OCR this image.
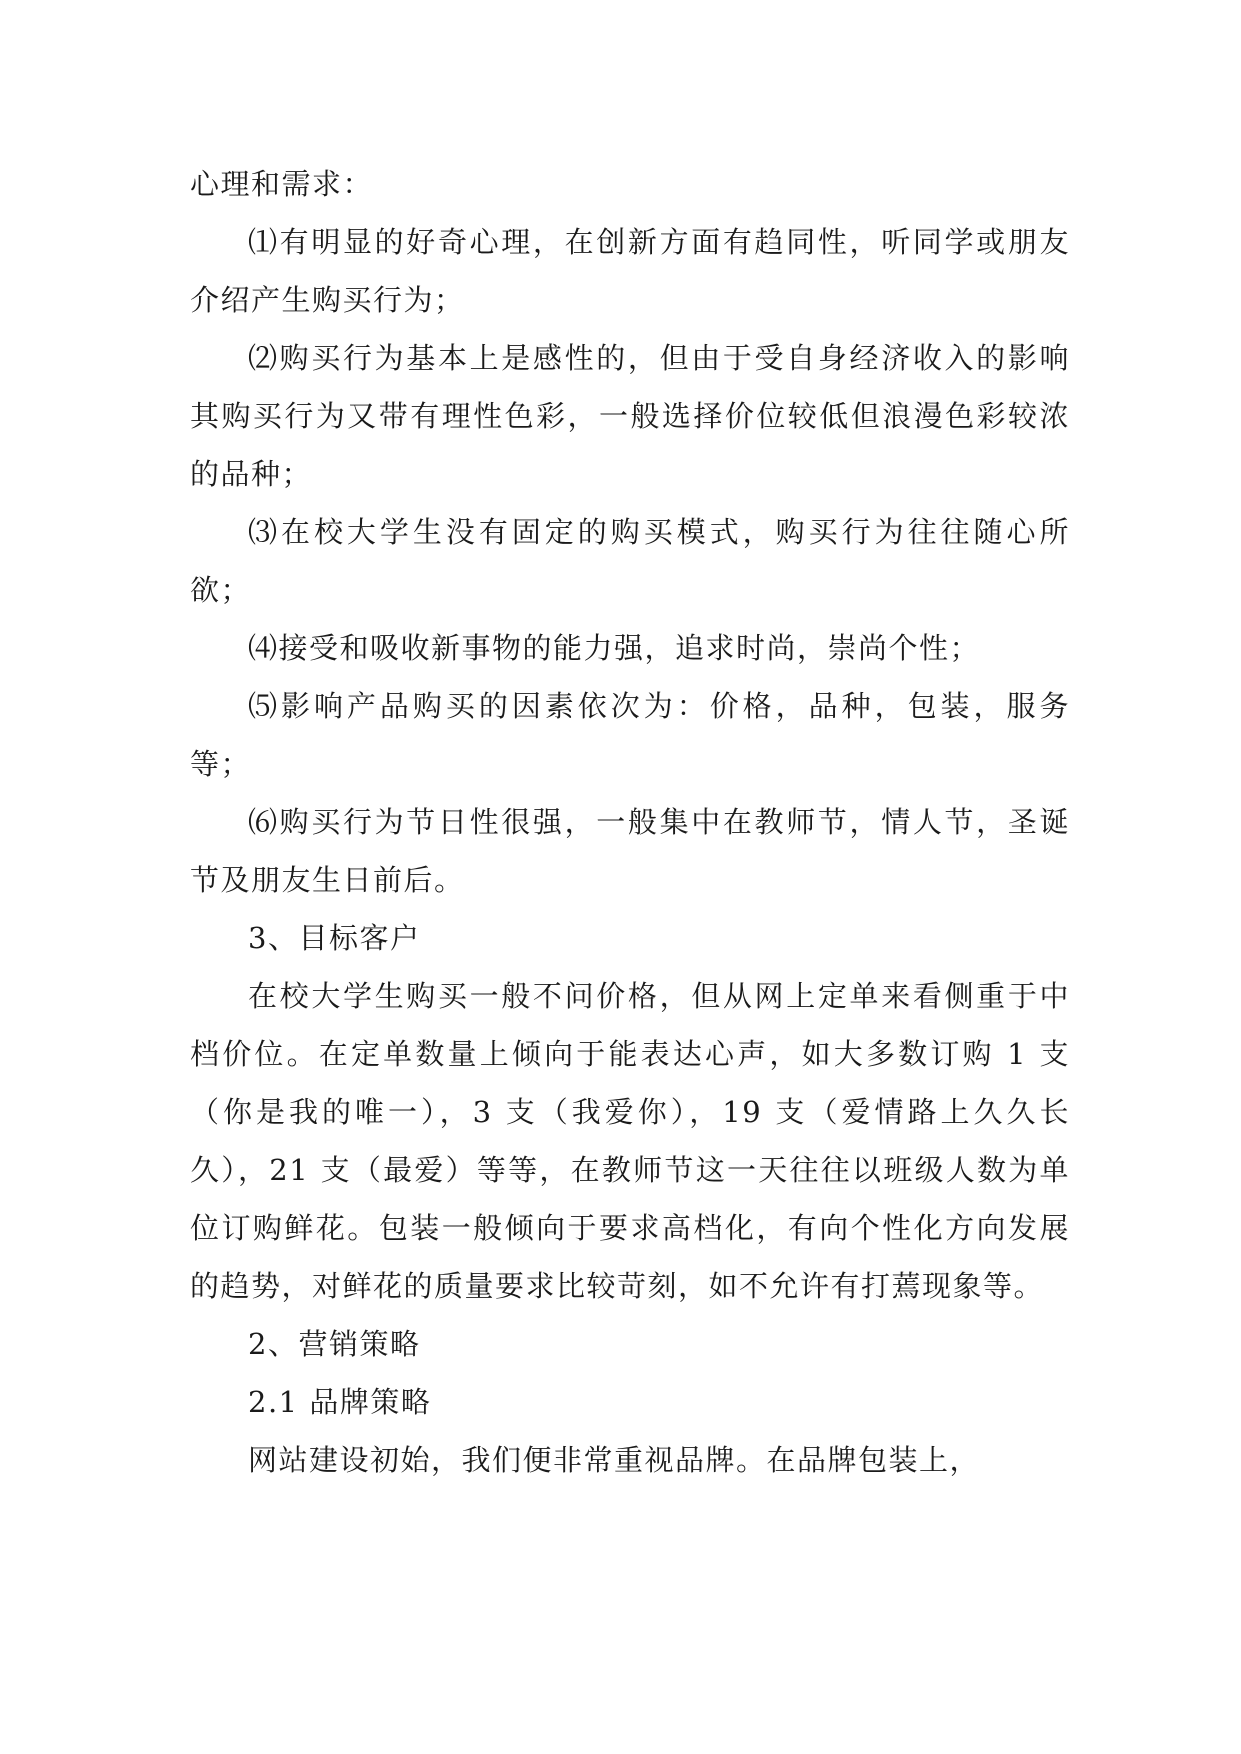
心理和需求：

⑴有明显的好奇心理，在创新方面有趋同性，听同学或朋友介绍产生购买行为；

⑵购买行为基本上是感性的，但由于受自身经济收入的影响其购买行为又带有理性色彩，一般选择价位较低但浪漫色彩较浓的品种；

⑶在校大学生没有固定的购买模式，购买行为往往随心所欲；

⑷接受和吸收新事物的能力强，追求时尚，崇尚个性；

⑸影响产品购买的因素依次为：价格，品种，包装，服务等；

⑹购买行为节日性很强，一般集中在教师节，情人节，圣诞节及朋友生日前后。

3、目标客户

在校大学生购买一般不问价格，但从网上定单来看侧重于中档价位。在定单数量上倾向于能表达心声，如大多数订购 1 支（你是我的唯一），3 支（我爱你），19 支（爱情路上久久长久），21 支（最爱）等等，在教师节这一天往往以班级人数为单位订购鲜花。包装一般倾向于要求高档化，有向个性化方向发展的趋势，对鲜花的质量要求比较苛刻，如不允许有打蔫现象等。

2、营销策略

2.1 品牌策略

网站建设初始，我们便非常重视品牌。在品牌包装上，
